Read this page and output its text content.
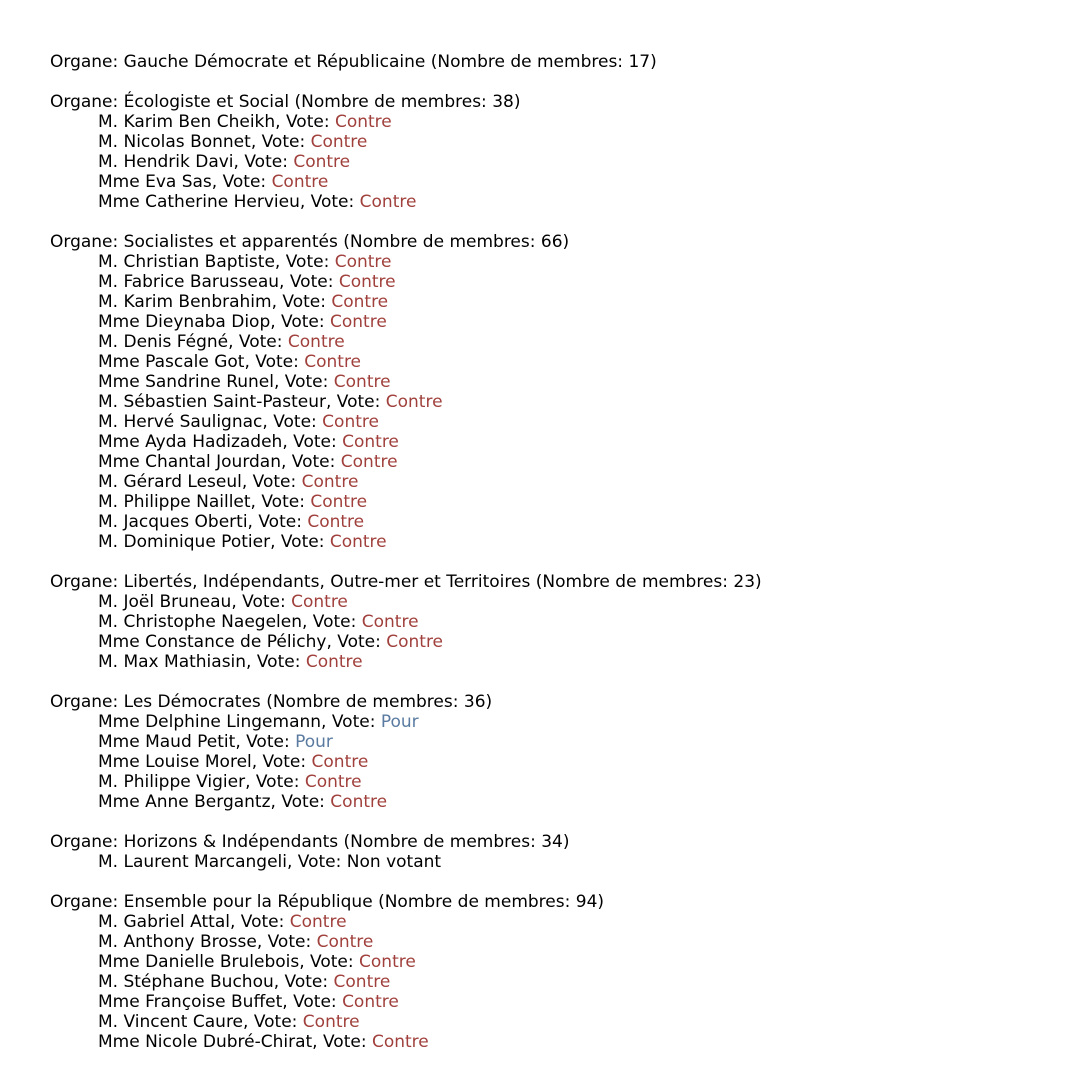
Organe: Gauche Démocrate et Républicaine (Nombre de membres: 17)
Organe: Écologiste et Social (Nombre de membres: 38)
M. Karim Ben Cheikh, Vote: Contre
M. Nicolas Bonnet, Vote: Contre
M. Hendrik Davi, Vote: Contre
Mme Eva Sas, Vote: Contre
Mme Catherine Hervieu, Vote: Contre
Organe: Socialistes et apparentés (Nombre de membres: 66)
M. Christian Baptiste, Vote: Contre
M. Fabrice Barusseau, Vote: Contre
M. Karim Benbrahim, Vote: Contre
Mme Dieynaba Diop, Vote: Contre
M. Denis Fégné, Vote: Contre
Mme Pascale Got, Vote: Contre
Mme Sandrine Runel, Vote: Contre
M. Sébastien Saint-Pasteur, Vote: Contre
M. Hervé Saulignac, Vote: Contre
Mme Ayda Hadizadeh, Vote: Contre
Mme Chantal Jourdan, Vote: Contre
M. Gérard Leseul, Vote: Contre
M. Philippe Naillet, Vote: Contre
M. Jacques Oberti, Vote: Contre
M. Dominique Potier, Vote: Contre
Organe: Libertés, Indépendants, Outre-mer et Territoires (Nombre de membres: 23)
M. Joël Bruneau, Vote: Contre
M. Christophe Naegelen, Vote: Contre
Mme Constance de Pélichy, Vote: Contre
M. Max Mathiasin, Vote: Contre
Organe: Les Démocrates (Nombre de membres: 36)
Mme Delphine Lingemann, Vote: Pour
Mme Maud Petit, Vote: Pour
Mme Louise Morel, Vote: Contre
M. Philippe Vigier, Vote: Contre
Mme Anne Bergantz, Vote: Contre
Organe: Horizons & Indépendants (Nombre de membres: 34)
M. Laurent Marcangeli, Vote: Non votant
Organe: Ensemble pour la République (Nombre de membres: 94)
M. Gabriel Attal, Vote: Contre
M. Anthony Brosse, Vote: Contre
Mme Danielle Brulebois, Vote: Contre
M. Stéphane Buchou, Vote: Contre
Mme Françoise Buffet, Vote: Contre
M. Vincent Caure, Vote: Contre
Mme Nicole Dubré-Chirat, Vote: Contre
